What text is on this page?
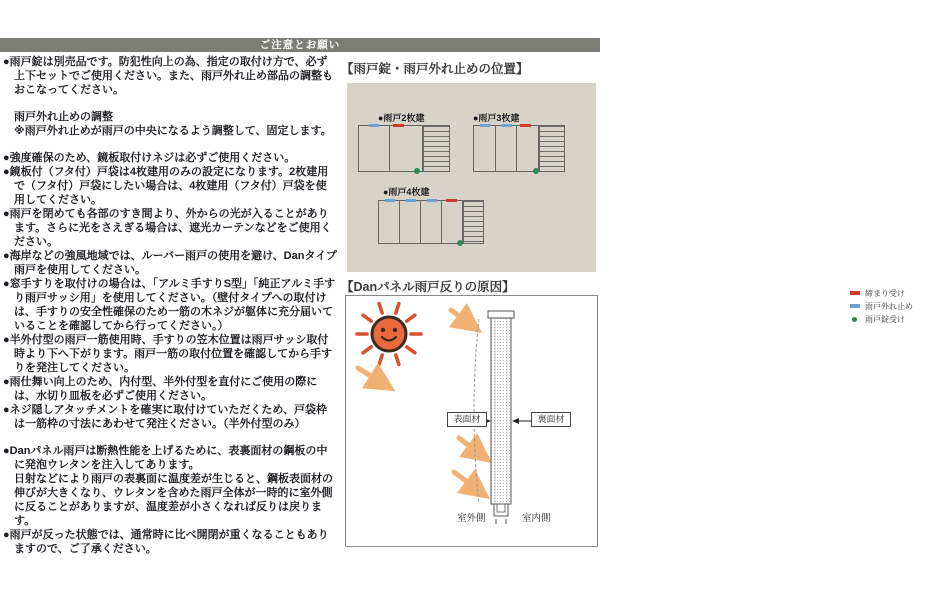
ご注意とお願い

●雨戸錠は別売品です。防犯性向上の為、指定の取付け方で、必ず上下セットでご使用ください。また、雨戸外れ止め部品の調整もおこなってください。

雨戸外れ止めの調整

※雨戸外れ止めが雨戸の中央になるよう調整して、固定します。

●強度確保のため、鏡板取付けネジは必ずご使用ください。

●鏡板付（フタ付）戸袋は4枚建用のみの設定になります。2枚建用で（フタ付）戸袋にしたい場合は、4枚建用（フタ付）戸袋を使用してください。

●雨戸を閉めても各部のすき間より、外からの光が入ることがあります。さらに光をさえぎる場合は、遮光カーテンなどをご使用ください。

●海岸などの強風地域では、ルーバー雨戸の使用を避け、Danタイプ雨戸を使用してください。

●窓手すりを取付けの場合は、「アルミ手すりS型」「純正アルミ手すり雨戸サッシ用」を使用してください。（壁付タイプへの取付けは、手すりの安全性確保のため一筋の木ネジが躯体に充分届いていることを確認してから行ってください。）

●半外付型の雨戸一筋使用時、手すりの笠木位置は雨戸サッシ取付時より下へ下がります。雨戸一筋の取付位置を確認してから手すりを発注してください。

●雨仕舞い向上のため、内付型、半外付型を直付にご使用の際には、水切り皿板を必ずご使用ください。

●ネジ隠しアタッチメントを確実に取付けていただくため、戸袋枠は一筋枠の寸法にあわせて発注ください。（半外付型のみ）

●Danパネル雨戸は断熱性能を上げるために、表裏面材の鋼板の中に発泡ウレタンを注入してあります。

日射などにより雨戸の表裏面に温度差が生じると、鋼板表面材の伸びが大きくなり、ウレタンを含めた雨戸全体が一時的に室外側に反ることがありますが、温度差が小さくなれば反りは戻ります。

●雨戸が反った状態では、通常時に比べ開閉が重くなることもありますので、ご了承ください。

【雨戸錠・雨戸外れ止めの位置】
●雨戸2枚建	●雨戸3枚建
●雨戸4枚建
締まり受け
雨戸外れ止め
雨戸錠受け
【Danパネル雨戸反りの原因】
表面材	裏面材
室外側	室内側
